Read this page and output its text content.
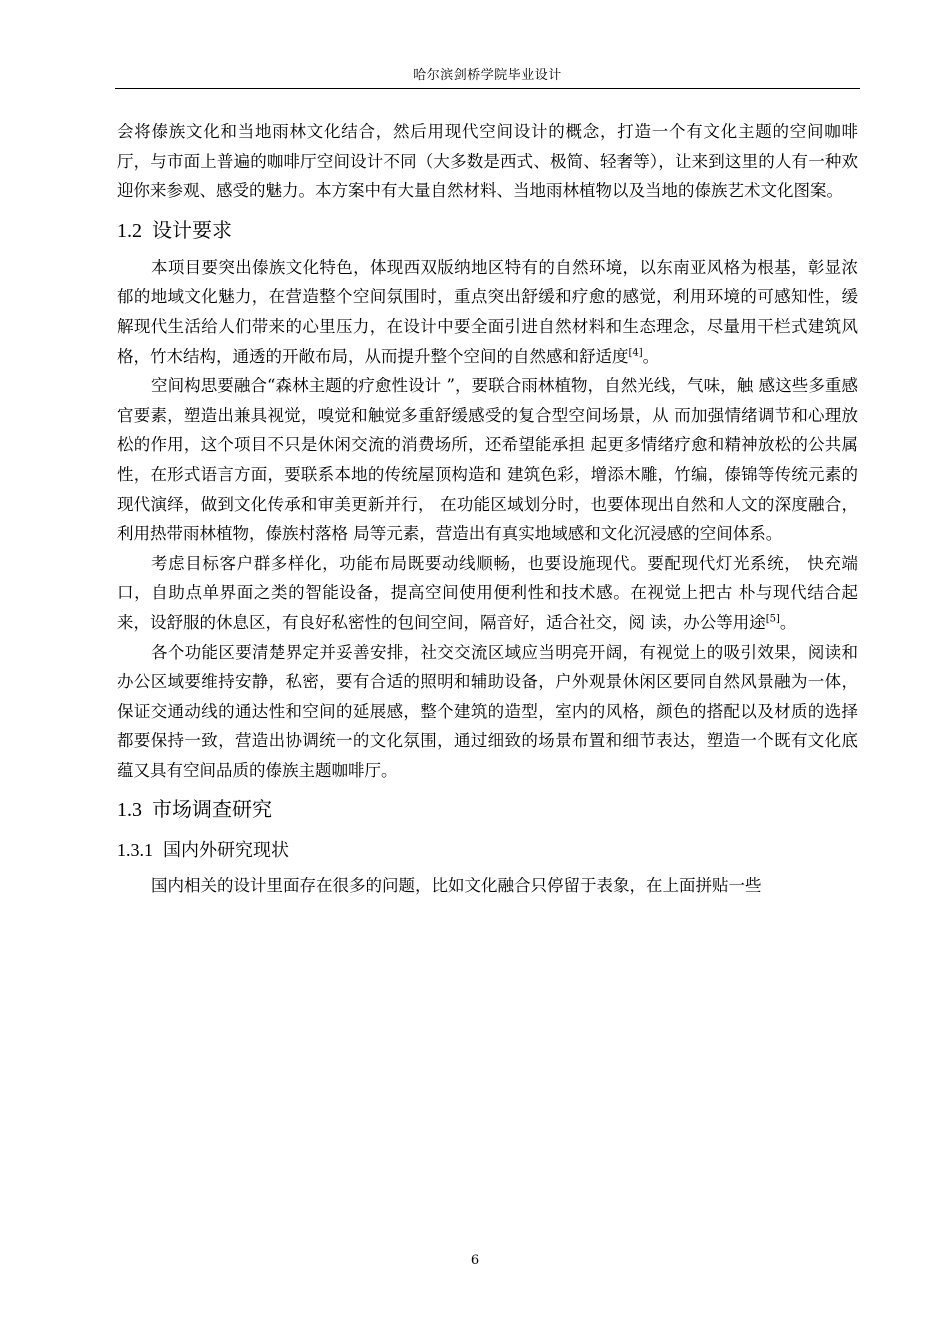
哈尔滨剑桥学院毕业设计

会将傣族文化和当地雨林文化结合，然后用现代空间设计的概念，打造一个有文化主题的空间咖啡厅，与市面上普遍的咖啡厅空间设计不同（大多数是西式、极简、轻奢等），让来到这里的人有一种欢迎你来参观、感受的魅力。本方案中有大量自然材料、当地雨林植物以及当地的傣族艺术文化图案。

1.2 设计要求

本项目要突出傣族文化特色，体现西双版纳地区特有的自然环境，以东南亚风格为根基，彰显浓郁的地域文化魅力，在营造整个空间氛围时，重点突出舒缓和疗愈的感觉，利用环境的可感知性，缓解现代生活给人们带来的心里压力，在设计中要全面引进自然材料和生态理念，尽量用干栏式建筑风格，竹木结构，通透的开敞布局，从而提升整个空间的自然感和舒适度[4]。

空间构思要融合“森林主题的疗愈性设计 ”，要联合雨林植物，自然光线，气味，触 感这些多重感官要素，塑造出兼具视觉，嗅觉和触觉多重舒缓感受的复合型空间场景，从 而加强情绪调节和心理放松的作用，这个项目不只是休闲交流的消费场所，还希望能承担 起更多情绪疗愈和精神放松的公共属性，在形式语言方面，要联系本地的传统屋顶构造和 建筑色彩，增添木雕，竹编，傣锦等传统元素的现代演绎，做到文化传承和审美更新并行， 在功能区域划分时，也要体现出自然和人文的深度融合，利用热带雨林植物，傣族村落格 局等元素，营造出有真实地域感和文化沉浸感的空间体系。

考虑目标客户群多样化，功能布局既要动线顺畅，也要设施现代。要配现代灯光系统， 快充端口，自助点单界面之类的智能设备，提高空间使用便利性和技术感。在视觉上把古 朴与现代结合起来，设舒服的休息区，有良好私密性的包间空间，隔音好，适合社交，阅 读，办公等用途[5]。

各个功能区要清楚界定并妥善安排，社交交流区域应当明亮开阔，有视觉上的吸引效果，阅读和办公区域要维持安静，私密，要有合适的照明和辅助设备，户外观景休闲区要同自然风景融为一体，保证交通动线的通达性和空间的延展感，整个建筑的造型，室内的风格，颜色的搭配以及材质的选择都要保持一致，营造出协调统一的文化氛围，通过细致的场景布置和细节表达，塑造一个既有文化底蕴又具有空间品质的傣族主题咖啡厅。

1.3 市场调查研究
1.3.1 国内外研究现状

国内相关的设计里面存在很多的问题，比如文化融合只停留于表象，在上面拼贴一些

6
